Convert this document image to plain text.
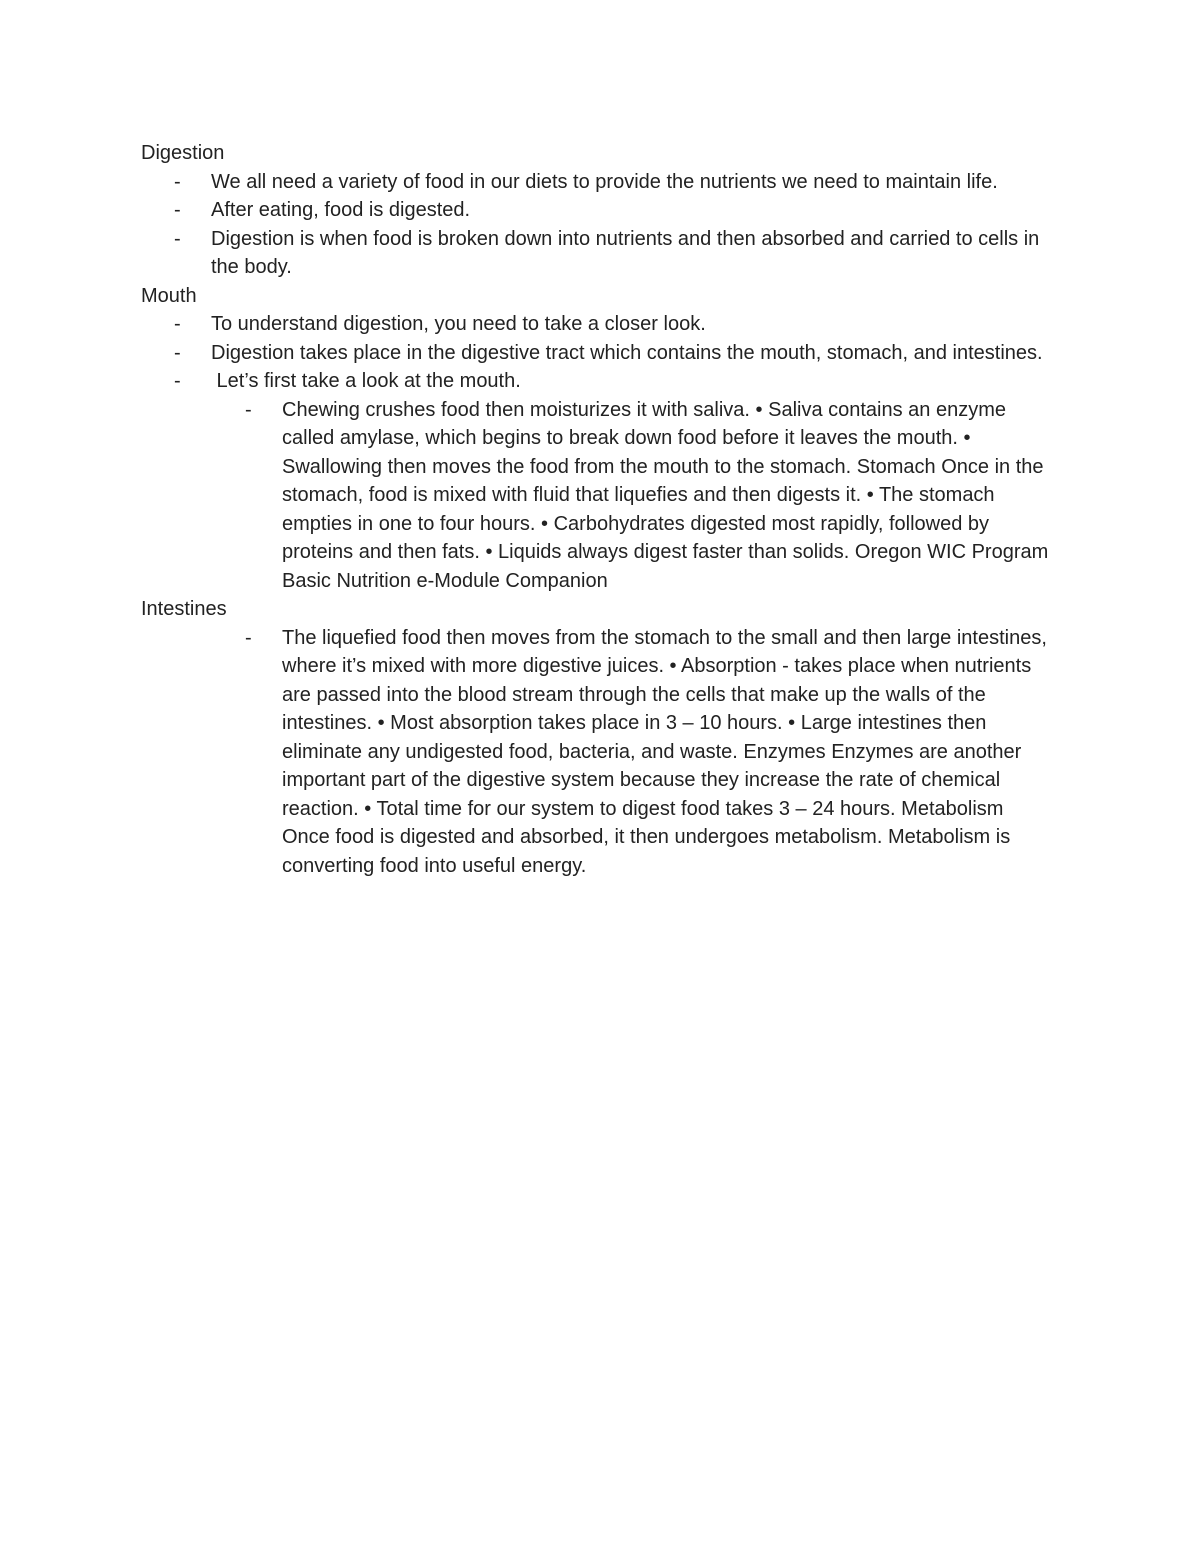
Digestion
- We all need a variety of food in our diets to provide the nutrients we need to maintain life.
- After eating, food is digested.
- Digestion is when food is broken down into nutrients and then absorbed and carried to cells in the body.
Mouth
- To understand digestion, you need to take a closer look.
- Digestion takes place in the digestive tract which contains the mouth, stomach, and intestines.
- Let’s first take a look at the mouth.
- Chewing crushes food then moisturizes it with saliva. • Saliva contains an enzyme called amylase, which begins to break down food before it leaves the mouth. • Swallowing then moves the food from the mouth to the stomach. Stomach Once in the stomach, food is mixed with fluid that liquefies and then digests it. • The stomach empties in one to four hours. • Carbohydrates digested most rapidly, followed by proteins and then fats. • Liquids always digest faster than solids. Oregon WIC Program Basic Nutrition e-Module Companion
Intestines
- The liquefied food then moves from the stomach to the small and then large intestines, where it’s mixed with more digestive juices. • Absorption - takes place when nutrients are passed into the blood stream through the cells that make up the walls of the intestines. • Most absorption takes place in 3 – 10 hours. • Large intestines then eliminate any undigested food, bacteria, and waste. Enzymes Enzymes are another important part of the digestive system because they increase the rate of chemical reaction. • Total time for our system to digest food takes 3 – 24 hours. Metabolism Once food is digested and absorbed, it then undergoes metabolism. Metabolism is converting food into useful energy.
